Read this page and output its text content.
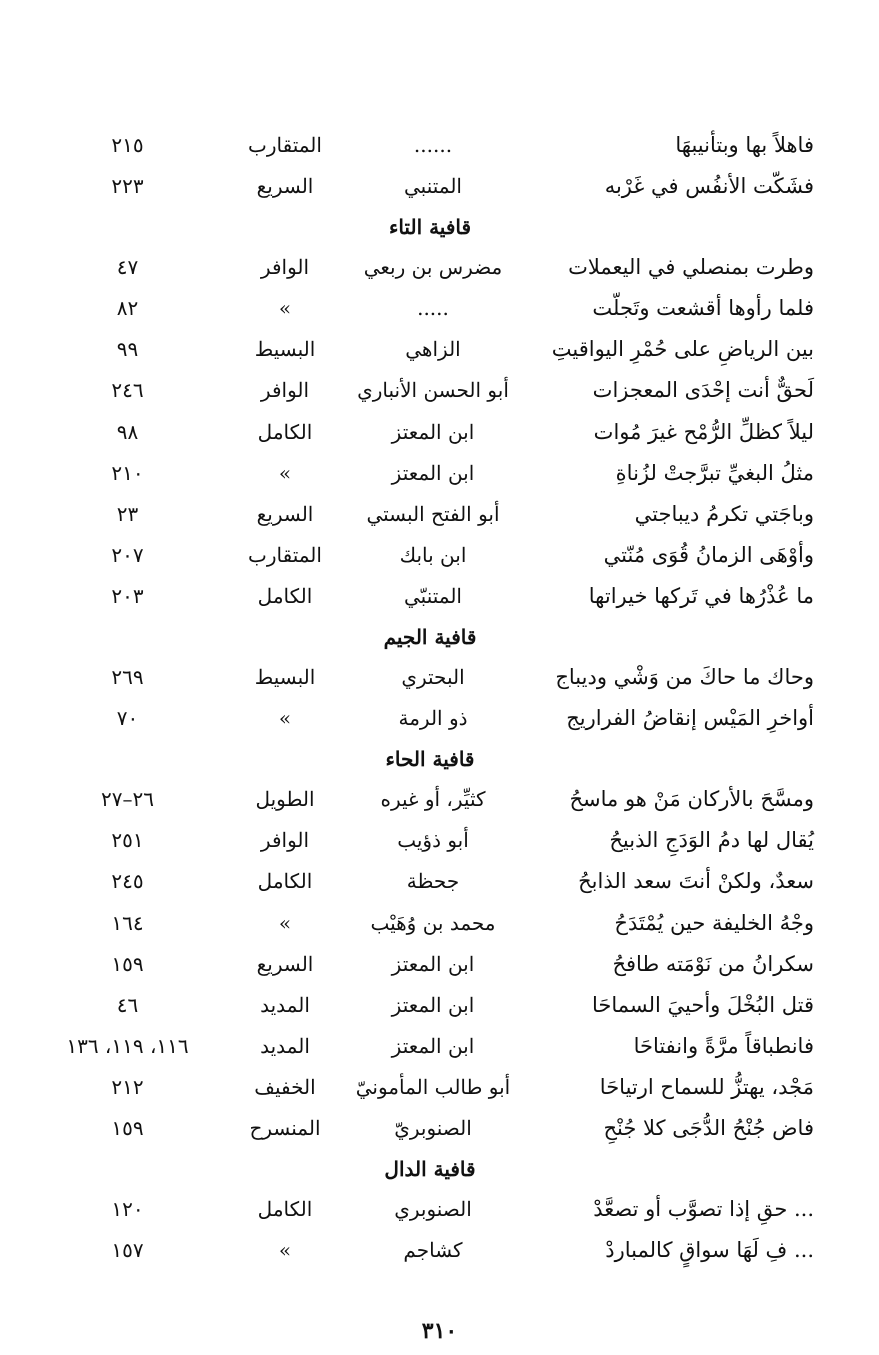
فاهلاً بها وبتأنيبهَا
......
المتقارب
٢١٥
فشَكّت الأنفُس في غَرْبه
المتنبي
السريع
٢٢٣
قافية التاء
وطرت بمنصلي في اليعملات
مضرس بن ربعي
الوافر
٤٧
فلما رأوها أقشعت وتَجلّت
.....
»
٨٢
بين الرياضِ على حُمْرِ اليواقيتِ
الزاهي
البسيط
٩٩
لَحقٌّ أنت إحْدَى المعجزات
أبو الحسن الأنباري
الوافر
٢٤٦
ليلاً كظلِّ الرُّمْح غيرَ مُوات
ابن المعتز
الكامل
٩٨
مثلُ البغيِّ تبرَّجتْ لزُناةِ
ابن المعتز
»
٢١٠
وباجَتي تكرمُ ديباجتي
أبو الفتح البستي
السريع
٢٣
وأوْهَى الزمانُ قُوَى مُنّتي
ابن بابك
المتقارب
٢٠٧
ما عُذْرُها في تَركها خيراتها
المتنبّي
الكامل
٢٠٣
قافية الجيم
وحاك ما حاكَ من وَشْي وديباج
البحتري
البسيط
٢٦٩
أواخرِ المَيْس إنقاضُ الفراريج
ذو الرمة
»
٧٠
قافية الحاء
ومسَّحَ بالأركان مَنْ هو ماسحُ
كثيِّر، أو غيره
الطويل
٢٦–٢٧
يُقال لها دمُ الوَدَجِ الذبيحُ
أبو ذؤيب
الوافر
٢٥١
سعدٌ، ولكنْ أنتَ سعد الذابحُ
جحظة
الكامل
٢٤٥
وجْهُ الخليفة حين يُمْتَدَحُ
محمد بن وُهَيْب
»
١٦٤
سكرانُ من نَوْمَته طافحُ
ابن المعتز
السريع
١٥٩
قتل البُخْلَ وأحييَ السماحَا
ابن المعتز
المديد
٤٦
فانطباقاً مرَّةً وانفتاحَا
ابن المعتز
المديد
١١٦، ١١٩، ١٣٦
مَجْد، يهتزُّ للسماح ارتياحَا
أبو طالب المأمونيّ
الخفيف
٢١٢
فاض جُنْحُ الدُّجَى كلا جُنْحِ
الصنوبريّ
المنسرح
١٥٩
قافية الدال
... حقِ إذا تصوَّب أو تصعَّدْ
الصنوبري
الكامل
١٢٠
... فِ لَهَا سواقٍ كالمباردْ
كشاجم
»
١٥٧
٣١٠
